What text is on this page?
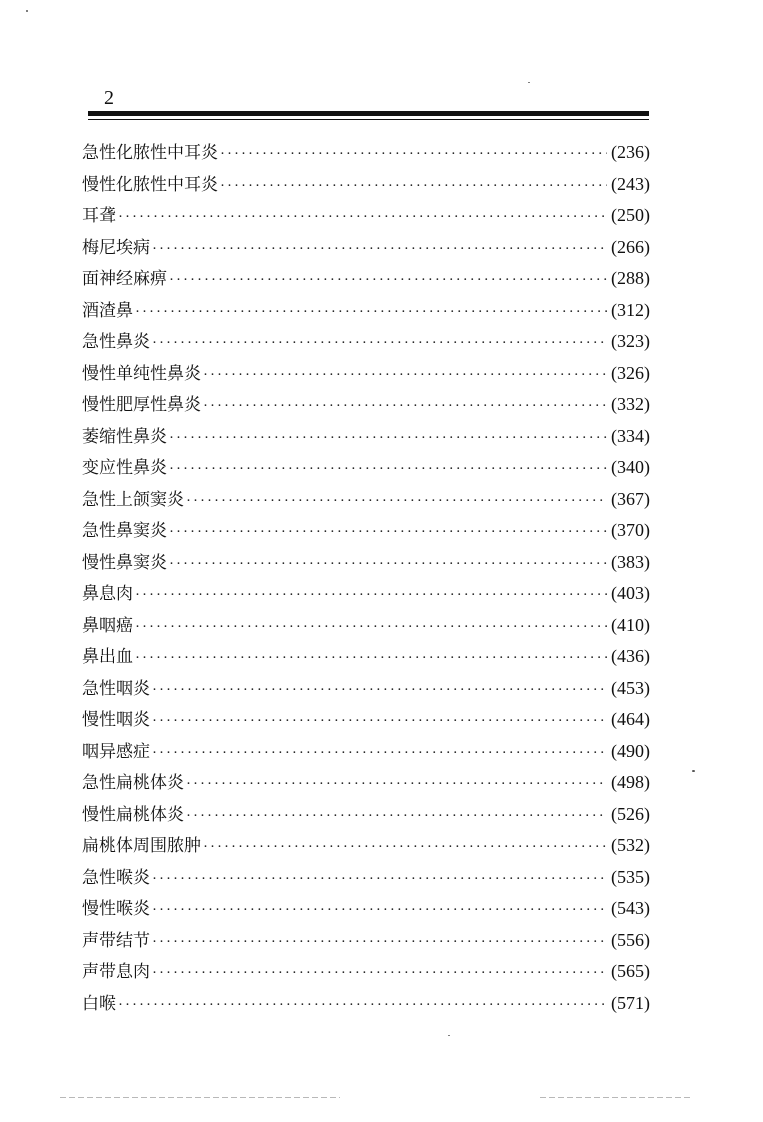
2
急性化脓性中耳炎 ·····	(236)
慢性化脓性中耳炎 ·····	(243)
耳聋 ·····	(250)
梅尼埃病 ·····	(266)
面神经麻痹 ·····	(288)
酒渣鼻 ·····	(312)
急性鼻炎 ·····	(323)
慢性单纯性鼻炎 ·····	(326)
慢性肥厚性鼻炎 ·····	(332)
萎缩性鼻炎 ·····	(334)
变应性鼻炎 ·····	(340)
急性上颌窦炎 ·····	(367)
急性鼻窦炎 ·····	(370)
慢性鼻窦炎 ·····	(383)
鼻息肉 ·····	(403)
鼻咽癌 ·····	(410)
鼻出血 ·····	(436)
急性咽炎 ·····	(453)
慢性咽炎 ·····	(464)
咽异感症 ·····	(490)
急性扁桃体炎 ·····	(498)
慢性扁桃体炎 ·····	(526)
扁桃体周围脓肿 ·····	(532)
急性喉炎 ·····	(535)
慢性喉炎 ·····	(543)
声带结节 ·····	(556)
声带息肉 ·····	(565)
白喉 ·····	(571)
